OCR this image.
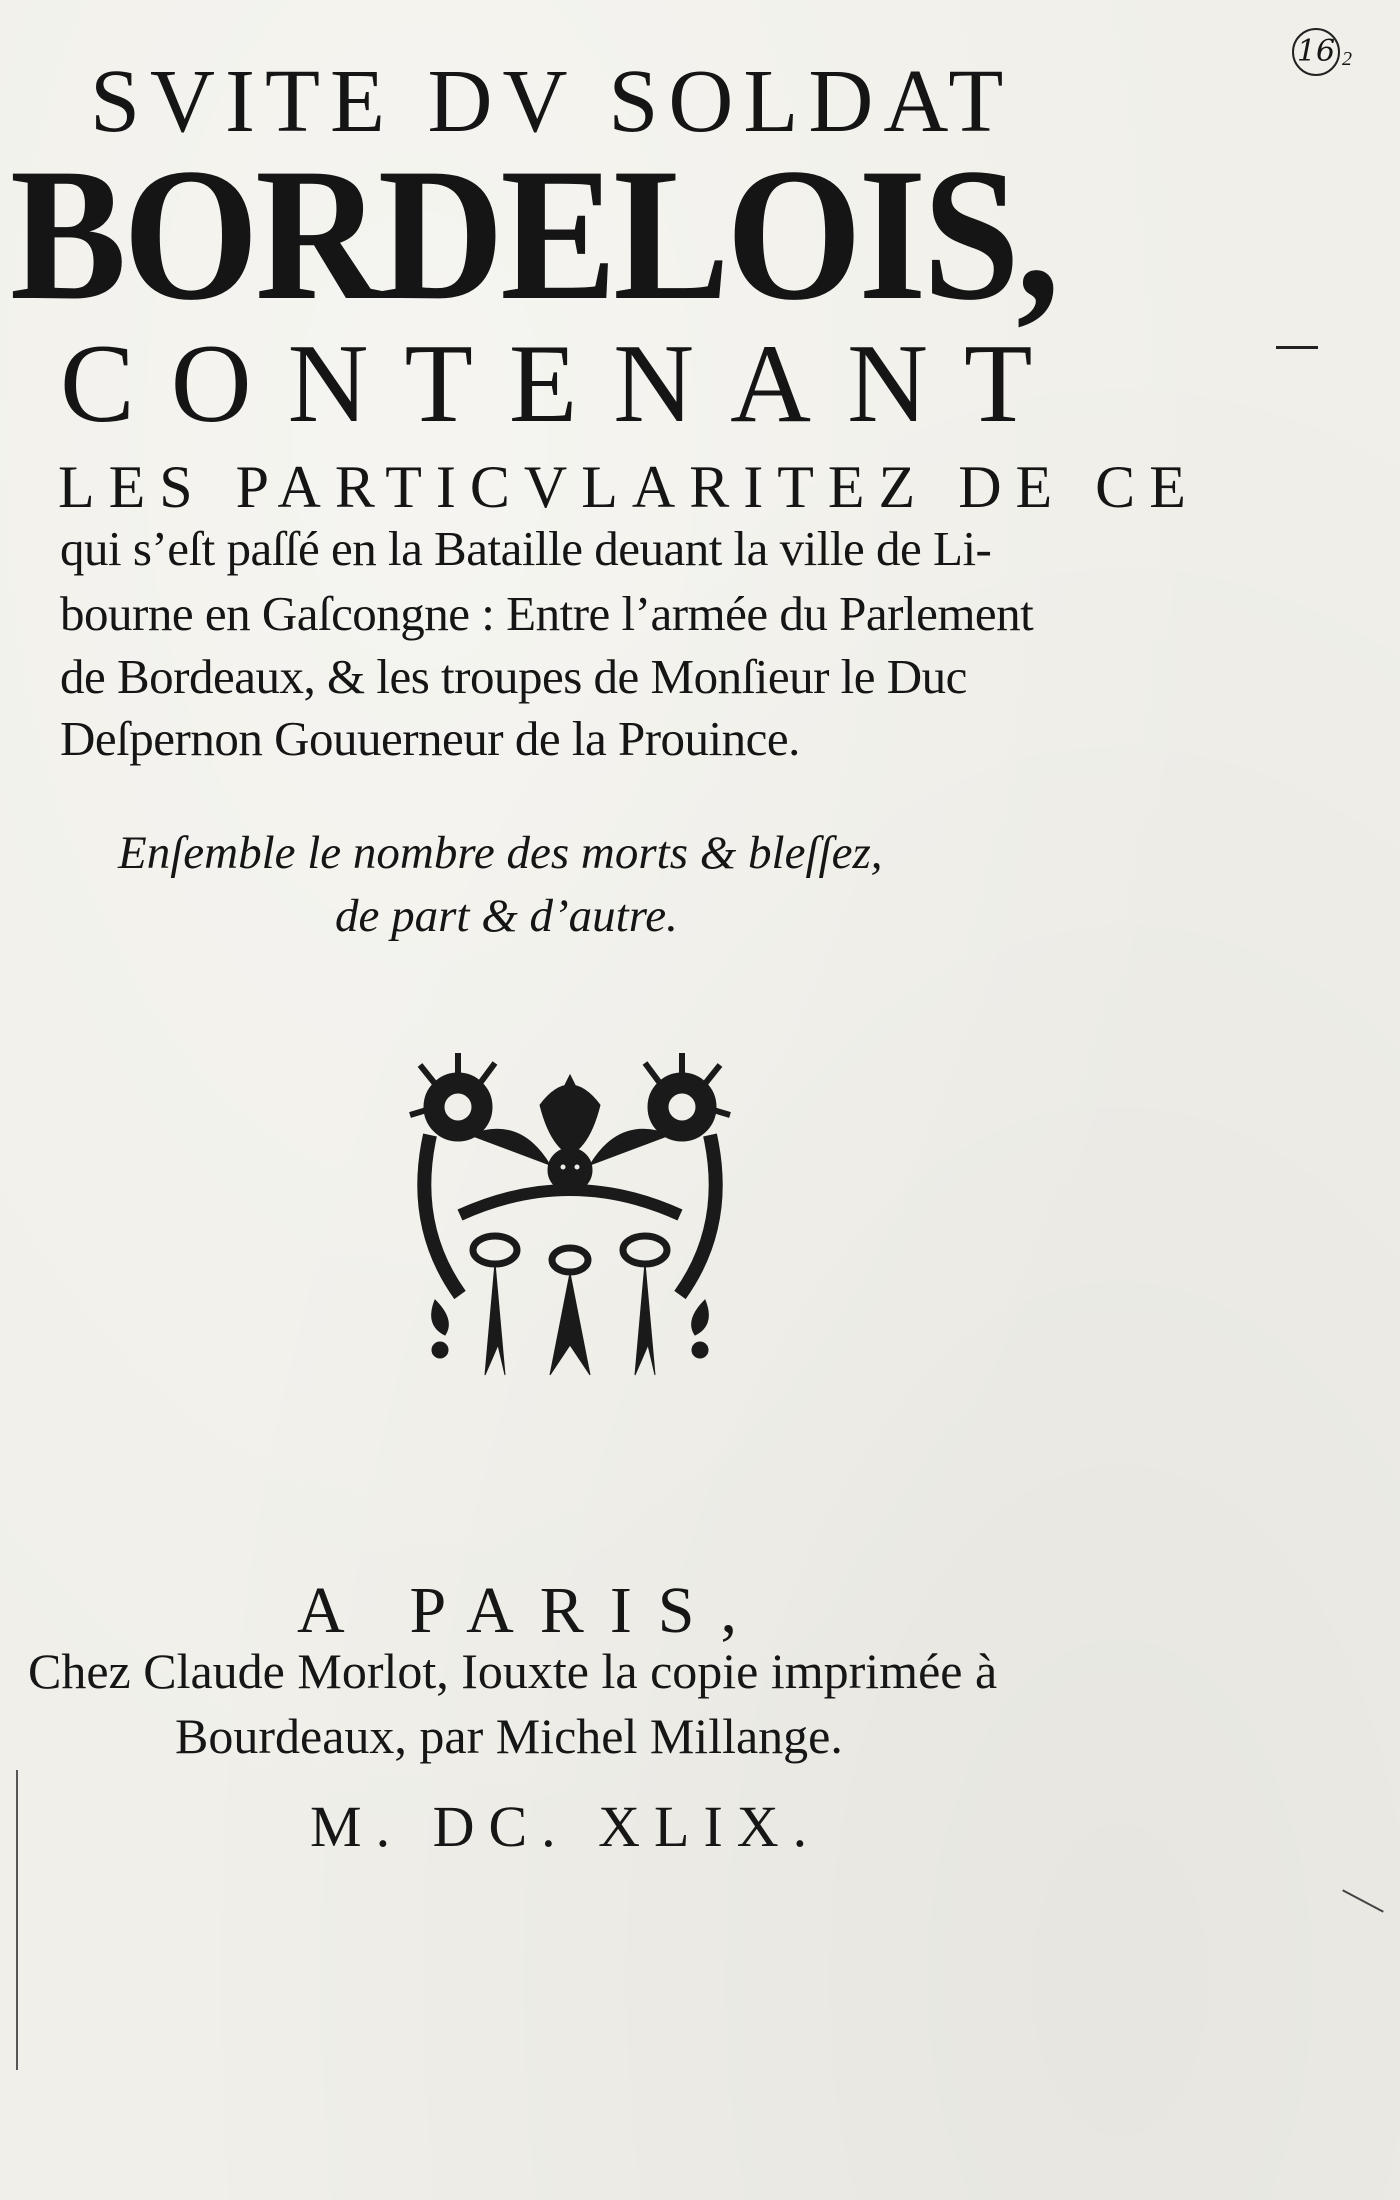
16 2
SVITE DV SOLDAT
BORDELOIS,
CONTENANT
LES PARTICVLARITEZ DE CE
qui s’eſt paſſé en la Bataille deuant la ville de Li-
bourne en Gaſcongne : Entre l’armée du Parlement
de Bordeaux, & les troupes de Monſieur le Duc
Deſpernon Gouuerneur de la Prouince.
Enſemble le nombre des morts & bleſſez,
de part & d’autre.
A PARIS,
Chez Claude Morlot, Iouxte la copie imprimée à
Bourdeaux, par Michel Millange.
M. DC. XLIX.
